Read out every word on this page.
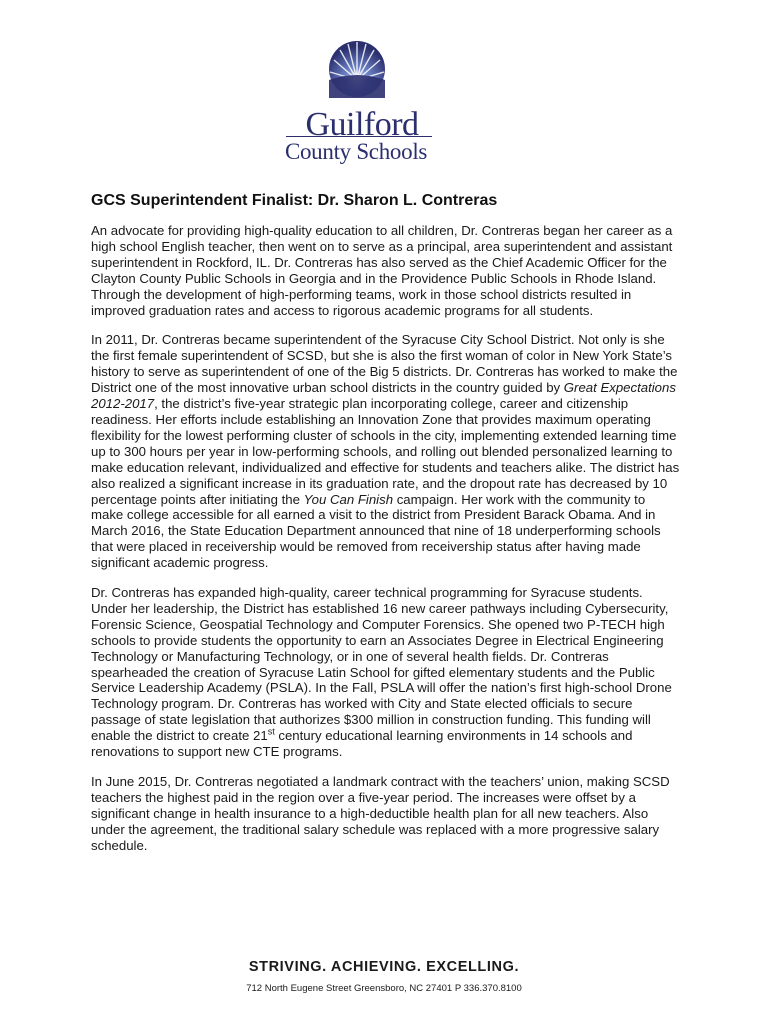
Guilford
County Schools
GCS Superintendent Finalist: Dr. Sharon L. Contreras

An advocate for providing high-quality education to all children, Dr. Contreras began her career as a high school English teacher, then went on to serve as a principal, area superintendent and assistant superintendent in Rockford, IL. Dr. Contreras has also served as the Chief Academic Officer for the Clayton County Public Schools in Georgia and in the Providence Public Schools in Rhode Island. Through the development of high-performing teams, work in those school districts resulted in improved graduation rates and access to rigorous academic programs for all students.

In 2011, Dr. Contreras became superintendent of the Syracuse City School District. Not only is she the first female superintendent of SCSD, but she is also the first woman of color in New York State’s history to serve as superintendent of one of the Big 5 districts. Dr. Contreras has worked to make the District one of the most innovative urban school districts in the country guided by Great Expectations 2012-2017, the district’s five-year strategic plan incorporating college, career and citizenship readiness. Her efforts include establishing an Innovation Zone that provides maximum operating flexibility for the lowest performing cluster of schools in the city, implementing extended learning time up to 300 hours per year in low-performing schools, and rolling out blended personalized learning to make education relevant, individualized and effective for students and teachers alike. The district has also realized a significant increase in its graduation rate, and the dropout rate has decreased by 10 percentage points after initiating the You Can Finish campaign. Her work with the community to make college accessible for all earned a visit to the district from President Barack Obama. And in March 2016, the State Education Department announced that nine of 18 underperforming schools that were placed in receivership would be removed from receivership status after having made significant academic progress.

Dr. Contreras has expanded high-quality, career technical programming for Syracuse students. Under her leadership, the District has established 16 new career pathways including Cybersecurity, Forensic Science, Geospatial Technology and Computer Forensics. She opened two P-TECH high schools to provide students the opportunity to earn an Associates Degree in Electrical Engineering Technology or Manufacturing Technology, or in one of several health fields. Dr. Contreras spearheaded the creation of Syracuse Latin School for gifted elementary students and the Public Service Leadership Academy (PSLA). In the Fall, PSLA will offer the nation’s first high-school Drone Technology program. Dr. Contreras has worked with City and State elected officials to secure passage of state legislation that authorizes $300 million in construction funding. This funding will enable the district to create 21st century educational learning environments in 14 schools and renovations to support new CTE programs.

In June 2015, Dr. Contreras negotiated a landmark contract with the teachers’ union, making SCSD teachers the highest paid in the region over a five-year period. The increases were offset by a significant change in health insurance to a high-deductible health plan for all new teachers. Also under the agreement, the traditional salary schedule was replaced with a more progressive salary schedule.

STRIVING. ACHIEVING. EXCELLING.
712 North Eugene Street Greensboro, NC 27401 P 336.370.8100
